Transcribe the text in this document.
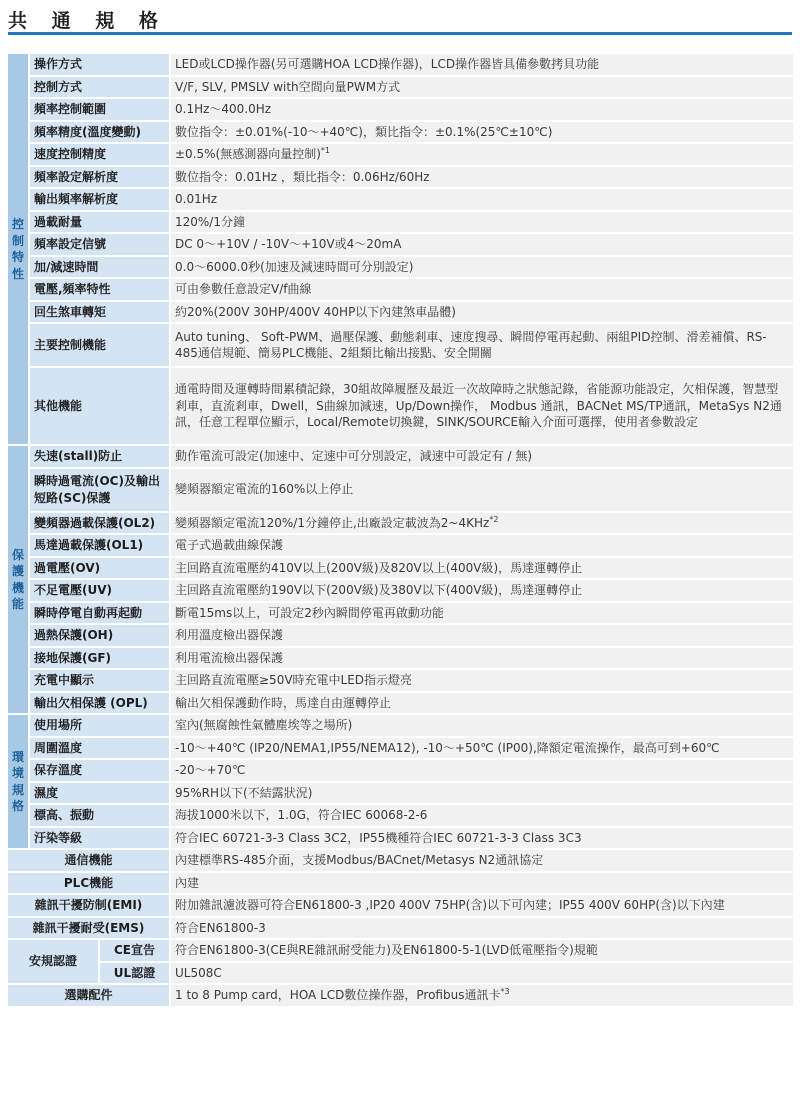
共 通 規 格
控
制
特
性	操作方式		LED或LCD操作器(另可選購HOA LCD操作器)，LCD操作器皆具備參數拷貝功能
	控制方式		V/F, SLV, PMSLV with空間向量PWM方式
	頻率控制範圍		0.1Hz～400.0Hz
	頻率精度(溫度變動)		數位指令：±0.01%(-10～+40℃)，類比指令：±0.1%(25℃±10℃)
	速度控制精度		±0.5%(無感測器向量控制)$^{*1}$
	頻率設定解析度		數位指令：0.01Hz ，類比指令：0.06Hz/60Hz
	輸出頻率解析度		0.01Hz
	過載耐量		120%/1分鐘
	頻率設定信號		DC 0～+10V / -10V～+10V或4～20mA
	加/減速時間		0.0～6000.0秒(加速及減速時間可分別設定)
	電壓,頻率特性		可由參數任意設定V/f曲線
	回生煞車轉矩		約20%(200V 30HP/400V 40HP以下內建煞車晶體)
	主要控制機能		Auto tuning、 Soft-PWM、過壓保護、動態剎車、速度搜尋、瞬間停電再起動、兩組PID控制、滑差補償、RS-485通信規範、簡易PLC機能、2組類比輸出接點、安全開關
	其他機能		通電時間及運轉時間累積記錄，30組故障履歷及最近一次故障時之狀態記錄，省能源功能設定，欠相保護，智慧型剎車，直流剎車，Dwell，S曲線加減速，Up/Down操作， Modbus 通訊，BACNet MS/TP通訊，MetaSys N2通訊，任意工程單位顯示，Local/Remote切換鍵，SINK/SOURCE輸入介面可選擇，使用者參數設定

保
護
機
能	失速(stall)防止		動作電流可設定(加速中、定速中可分別設定，減速中可設定有 / 無)
	瞬時過電流(OC)及輸出短路(SC)保護		變頻器額定電流的160%以上停止
	變頻器過載保護(OL2)		變頻器額定電流120%/1分鐘停止,出廠設定載波為2~4KHz$^{*2}$
	馬達過載保護(OL1)		電子式過載曲線保護
	過電壓(OV)		主回路直流電壓約410V以上(200V級)及820V以上(400V級)，馬達運轉停止
	不足電壓(UV)		主回路直流電壓約190V以下(200V級)及380V以下(400V級)，馬達運轉停止
	瞬時停電自動再起動		斷電15ms以上，可設定2秒內瞬間停電再啟動功能
	過熱保護(OH)		利用溫度檢出器保護
	接地保護(GF)		利用電流檢出器保護
	充電中顯示		主回路直流電壓≥50V時充電中LED指示燈亮
	輸出欠相保護 (OPL)		輸出欠相保護動作時，馬達自由運轉停止

環
境
規
格	使用場所		室內(無腐蝕性氣體塵埃等之場所)
	周圍溫度		-10～+40℃ (IP20/NEMA1,IP55/NEMA12), -10～+50℃ (IP00),降額定電流操作，最高可到+60℃
	保存溫度		-20～+70℃
	濕度		95%RH以下(不結露狀況)
	標高、振動		海拔1000米以下，1.0G，符合IEC 60068-2-6
	汙染等級		符合IEC 60721-3-3 Class 3C2，IP55機種符合IEC 60721-3-3 Class 3C3
通信機能			內建標準RS-485介面，支援Modbus/BACnet/Metasys N2通訊協定
PLC機能			內建
雜訊干擾防制(EMI)			附加雜訊濾波器可符合EN61800-3 ,IP20 400V 75HP(含)以下可內建；IP55 400V 60HP(含)以下內建
雜訊干擾耐受(EMS)			符合EN61800-3
安規認證		CE宣告	符合EN61800-3(CE與RE雜訊耐受能力)及EN61800-5-1(LVD低電壓指令)規範
		UL認證	UL508C
選購配件			1 to 8 Pump card，HOA LCD數位操作器，Profibus通訊卡$^{*3}$
